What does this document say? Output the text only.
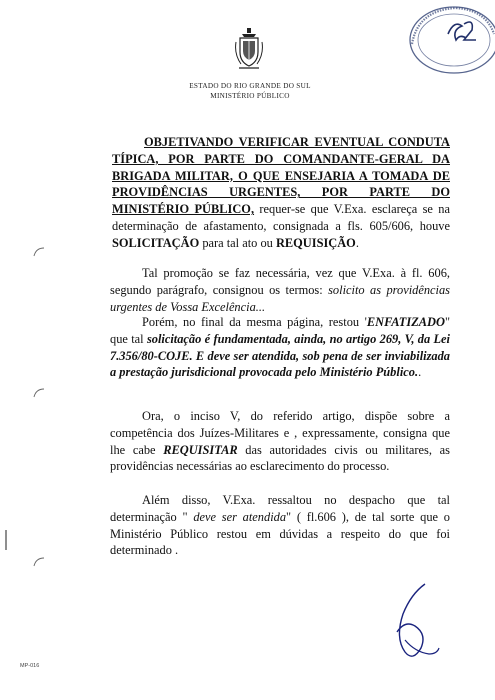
ESTADO DO RIO GRANDE DO SUL
MINISTÉRIO PÚBLICO

OBJETIVANDO VERIFICAR EVENTUAL CONDUTA TÍPICA, POR PARTE DO COMANDANTE-GERAL DA BRIGADA MILITAR, O QUE ENSEJARIA A TOMADA DE PROVIDÊNCIAS URGENTES, POR PARTE DO MINISTÉRIO PÚBLICO, requer-se que V.Exa. esclareça se na determinação de afastamento, consignada a fls. 605/606, houve SOLICITAÇÃO para tal ato ou REQUISIÇÃO.

Tal promoção se faz necessária, vez que V.Exa. à fl. 606, segundo parágrafo, consignou os termos: solicito as providências urgentes de Vossa Excelência...

Porém, no final da mesma página, restou 'ENFATIZADO" que tal solicitação é fundamentada, ainda, no artigo 269, V, da Lei 7.356/80-COJE. E deve ser atendida, sob pena de ser inviabilizada a prestação jurisdicional provocada pelo Ministério Público..

Ora, o inciso V, do referido artigo, dispõe sobre a competência dos Juízes-Militares e , expressamente, consigna que lhe cabe REQUISITAR das autoridades civis ou militares, as providências necessárias ao esclarecimento do processo.

Além disso, V.Exa. ressaltou no despacho que tal determinação " deve ser atendida" ( fl.606 ), de tal sorte que o Ministério Público restou em dúvidas a respeito do que foi determinado .

MP-016
